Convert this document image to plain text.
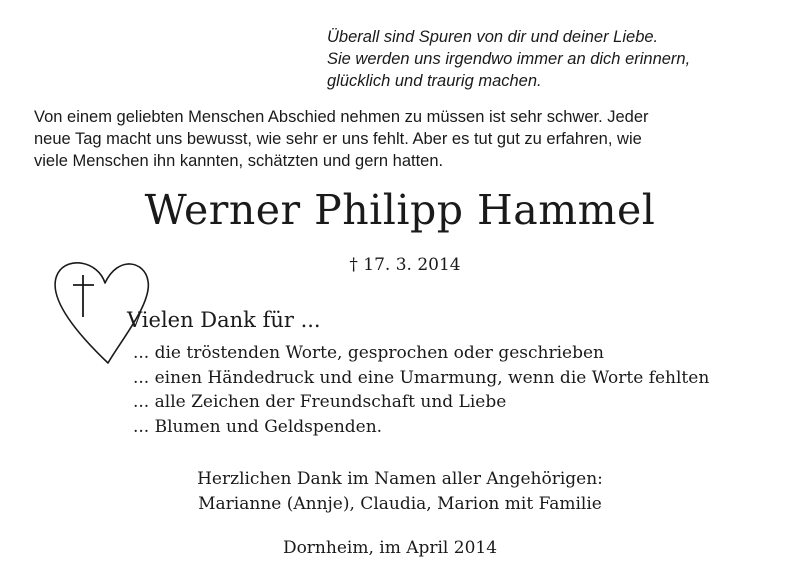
Überall sind Spuren von dir und deiner Liebe.
Sie werden uns irgendwo immer an dich erinnern,
glücklich und traurig machen.
Von einem geliebten Menschen Abschied nehmen zu müssen ist sehr schwer. Jeder
neue Tag macht uns bewusst, wie sehr er uns fehlt. Aber es tut gut zu erfahren, wie
viele Menschen ihn kannten, schätzten und gern hatten.
Werner Philipp Hammel
† 17. 3. 2014
Vielen Dank für ...
... die tröstenden Worte, gesprochen oder geschrieben
... einen Händedruck und eine Umarmung, wenn die Worte fehlten
... alle Zeichen der Freundschaft und Liebe
... Blumen und Geldspenden.
Herzlichen Dank im Namen aller Angehörigen:
Marianne (Annje), Claudia, Marion mit Familie
Dornheim, im April 2014
